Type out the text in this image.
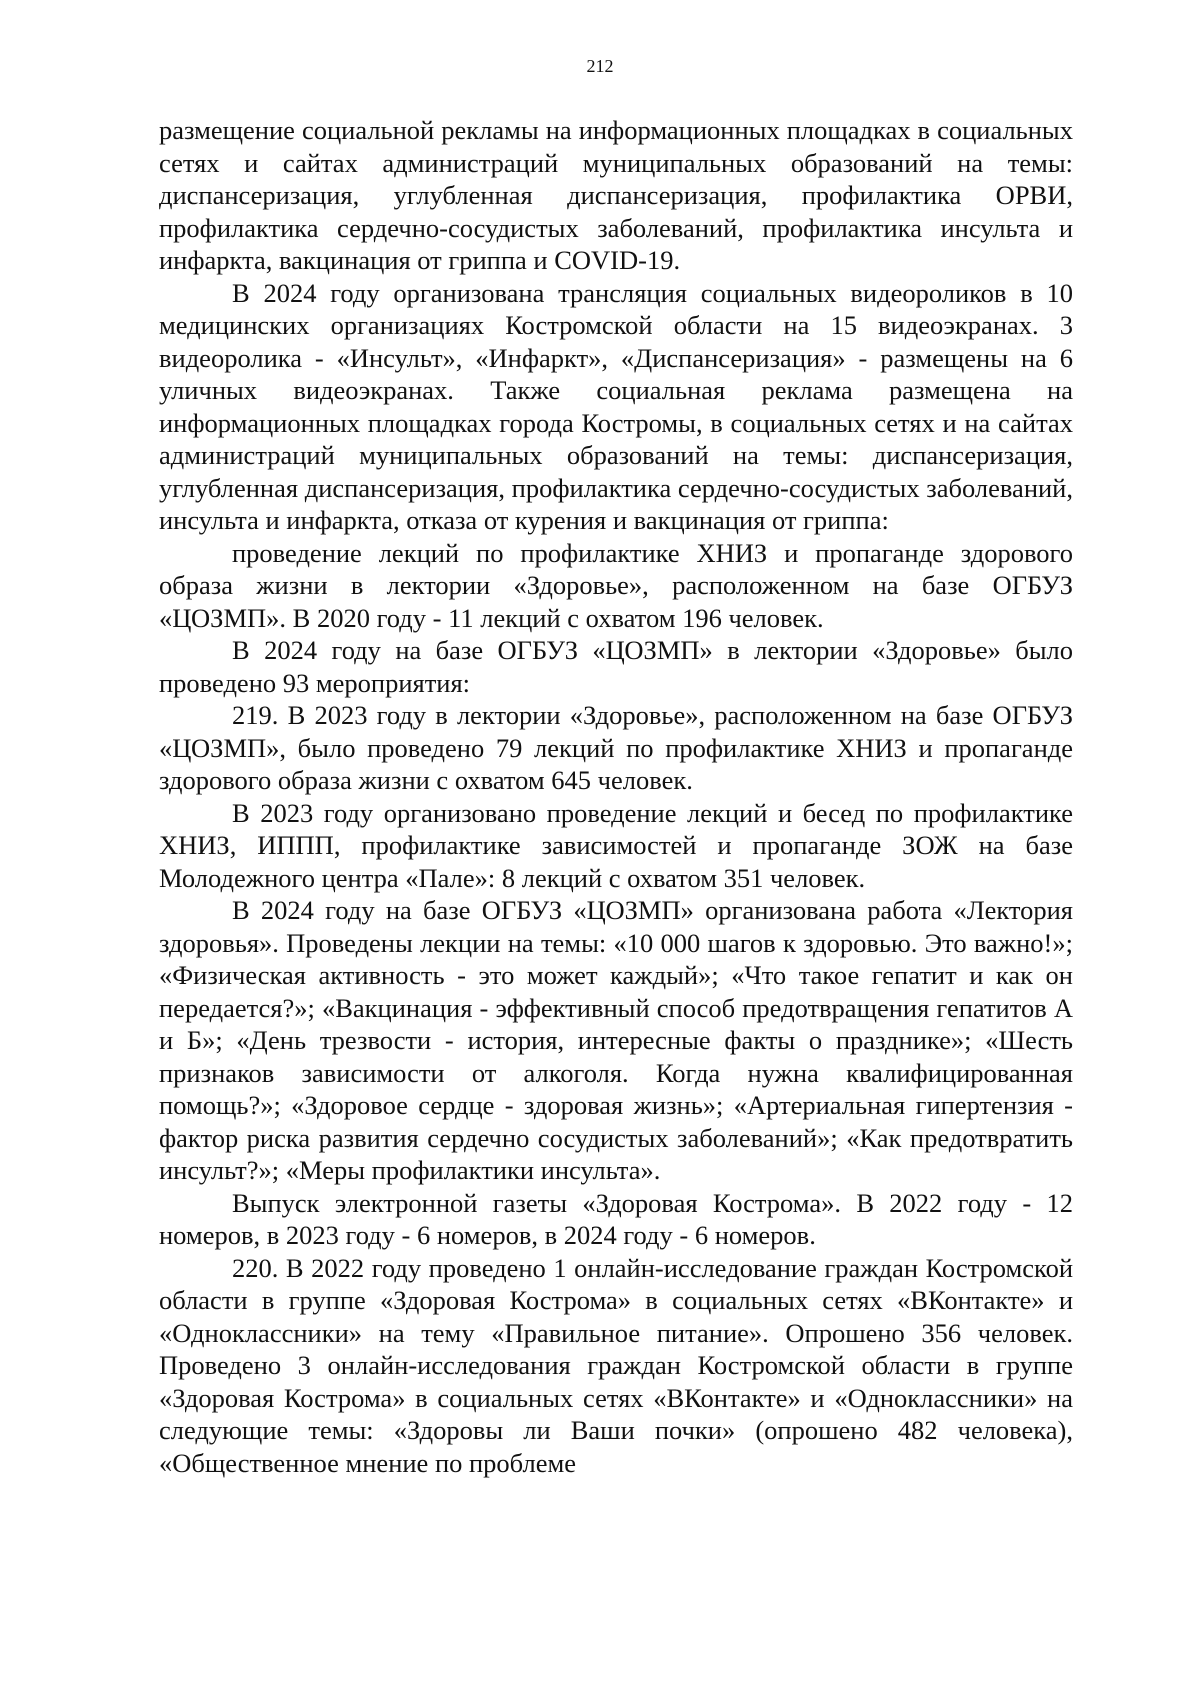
212

размещение социальной рекламы на информационных площадках в социальных сетях и сайтах администраций муниципальных образований на темы: диспансеризация, углубленная диспансеризация, профилактика ОРВИ, профилактика сердечно-сосудистых заболеваний, профилактика инсульта и инфаркта, вакцинация от гриппа и COVID-19.

В 2024 году организована трансляция социальных видеороликов в 10 медицинских организациях Костромской области на 15 видеоэкранах. 3 видеоролика - «Инсульт», «Инфаркт», «Диспансеризация» - размещены на 6 уличных видеоэкранах. Также социальная реклама размещена на информационных площадках города Костромы, в социальных сетях и на сайтах администраций муниципальных образований на темы: диспансеризация, углубленная диспансеризация, профилактика сердечно-сосудистых заболеваний, инсульта и инфаркта, отказа от курения и вакцинация от гриппа:

проведение лекций по профилактике ХНИЗ и пропаганде здорового образа жизни в лектории «Здоровье», расположенном на базе ОГБУЗ «ЦОЗМП». В 2020 году - 11 лекций с охватом 196 человек.

В 2024 году на базе ОГБУЗ «ЦОЗМП» в лектории «Здоровье» было проведено 93 мероприятия:

219. В 2023 году в лектории «Здоровье», расположенном на базе ОГБУЗ «ЦОЗМП», было проведено 79 лекций по профилактике ХНИЗ и пропаганде здорового образа жизни с охватом 645 человек.

В 2023 году организовано проведение лекций и бесед по профилактике ХНИЗ, ИППП, профилактике зависимостей и пропаганде ЗОЖ на базе Молодежного центра «Пале»: 8 лекций с охватом 351 человек.

В 2024 году на базе ОГБУЗ «ЦОЗМП» организована работа «Лектория здоровья». Проведены лекции на темы: «10 000 шагов к здоровью. Это важно!»; «Физическая активность - это может каждый»; «Что такое гепатит и как он передается?»; «Вакцинация - эффективный способ предотвращения гепатитов А и Б»; «День трезвости - история, интересные факты о празднике»; «Шесть признаков зависимости от алкоголя. Когда нужна квалифицированная помощь?»; «Здоровое сердце - здоровая жизнь»; «Артериальная гипертензия - фактор риска развития сердечно сосудистых заболеваний»; «Как предотвратить инсульт?»; «Меры профилактики инсульта».

Выпуск электронной газеты «Здоровая Кострома». В 2022 году - 12 номеров, в 2023 году - 6 номеров, в 2024 году - 6 номеров.

220. В 2022 году проведено 1 онлайн-исследование граждан Костромской области в группе «Здоровая Кострома» в социальных сетях «ВКонтакте» и «Одноклассники» на тему «Правильное питание». Опрошено 356 человек. Проведено 3 онлайн-исследования граждан Костромской области в группе «Здоровая Кострома» в социальных сетях «ВКонтакте» и «Одноклассники» на следующие темы: «Здоровы ли Ваши почки» (опрошено 482 человека), «Общественное мнение по проблеме
